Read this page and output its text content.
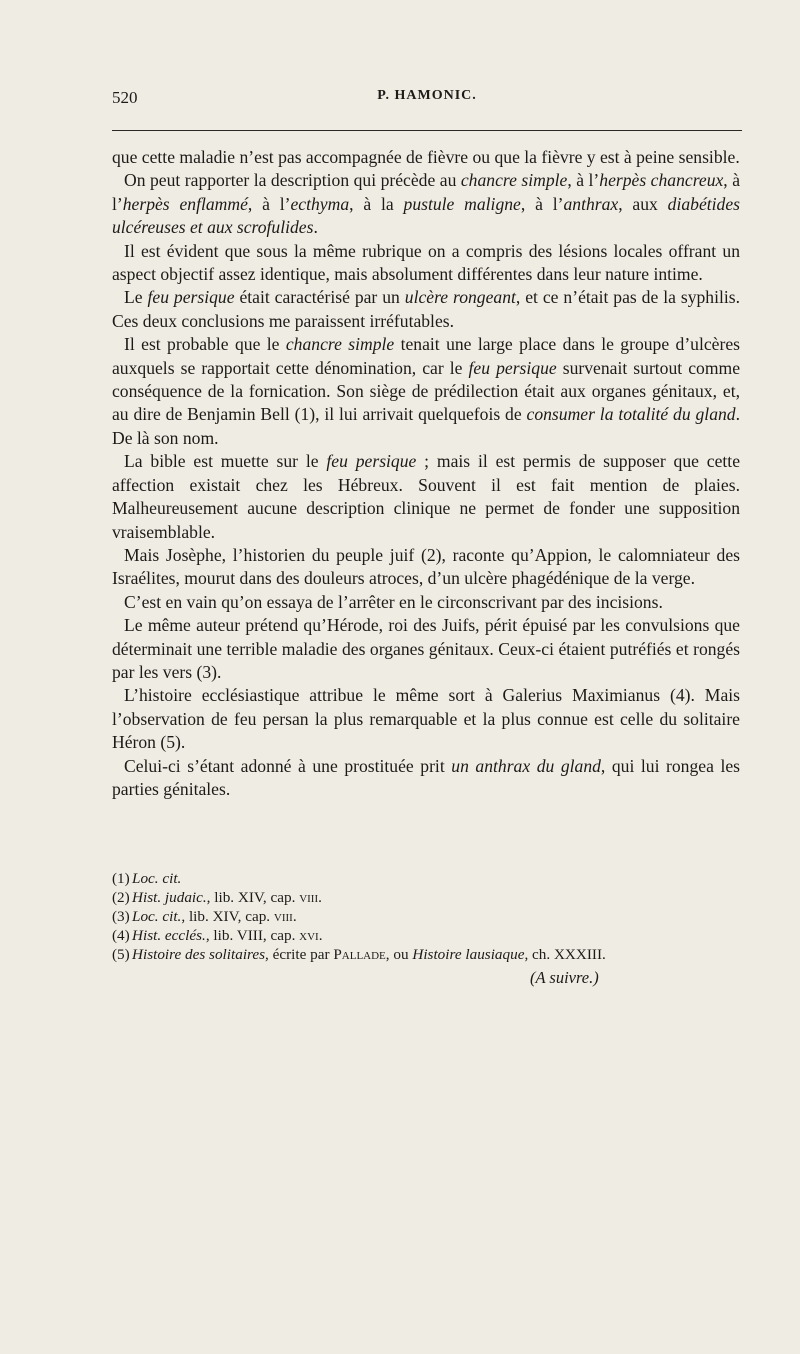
520	P. HAMONIC.

que cette maladie n’est pas accompagnée de fièvre ou que la fièvre y est à peine sensible.

On peut rapporter la description qui précède au chancre simple, à l’herpès chancreux, à l’herpès enflammé, à l’ecthyma, à la pustule maligne, à l’anthrax, aux diabétides ulcéreuses et aux scrofulides.

Il est évident que sous la même rubrique on a compris des lésions locales offrant un aspect objectif assez identique, mais absolument différentes dans leur nature intime.

Le feu persique était caractérisé par un ulcère rongeant, et ce n’était pas de la syphilis. Ces deux conclusions me paraissent irréfutables.

Il est probable que le chancre simple tenait une large place dans le groupe d’ulcères auxquels se rapportait cette dénomination, car le feu persique survenait surtout comme conséquence de la fornication. Son siège de prédilection était aux organes génitaux, et, au dire de Benjamin Bell (1), il lui arrivait quelquefois de consumer la totalité du gland. De là son nom.

La bible est muette sur le feu persique ; mais il est permis de supposer que cette affection existait chez les Hébreux. Souvent il est fait mention de plaies. Malheureusement aucune description clinique ne permet de fonder une supposition vraisemblable.

Mais Josèphe, l’historien du peuple juif (2), raconte qu’Appion, le calomniateur des Israélites, mourut dans des douleurs atroces, d’un ulcère phagédénique de la verge.

C’est en vain qu’on essaya de l’arrêter en le circonscrivant par des incisions.

Le même auteur prétend qu’Hérode, roi des Juifs, périt épuisé par les convulsions que déterminait une terrible maladie des organes génitaux. Ceux-ci étaient putréfiés et rongés par les vers (3).

L’histoire ecclésiastique attribue le même sort à Galerius Maximianus (4). Mais l’observation de feu persan la plus remarquable et la plus connue est celle du solitaire Héron (5).

Celui-ci s’étant adonné à une prostituée prit un anthrax du gland, qui lui rongea les parties génitales.

(1) Loc. cit.

(2) Hist. judaic., lib. XIV, cap. viii.

(3) Loc. cit., lib. XIV, cap. viii.

(4) Hist. ecclés., lib. VIII, cap. xvi.

(5) Histoire des solitaires, écrite par Pallade, ou Histoire lausiaque, ch. XXXIII.

(A suivre.)
